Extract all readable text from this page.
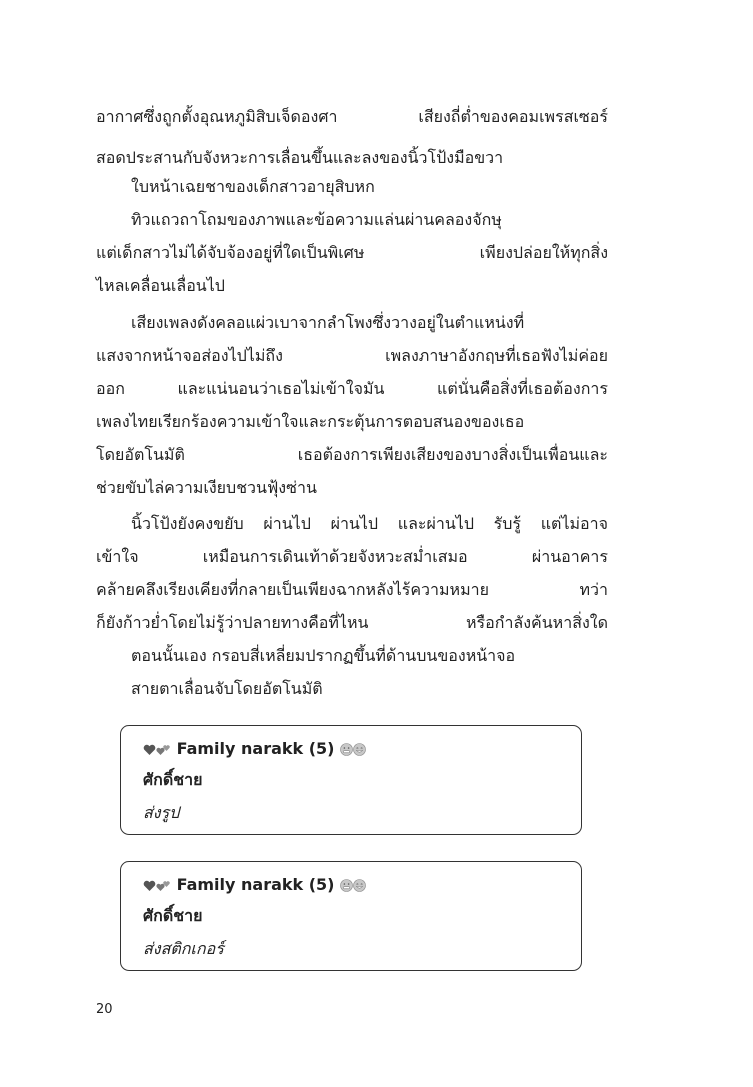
อากาศซึ่งถูกตั้งอุณหภูมิสิบเจ็ดองศา เสียงถี่ต่ำของคอมเพรสเซอร์
สอดประสานกับจังหวะการเลื่อนขึ้นและลงของนิ้วโป้งมือขวา
ใบหน้าเฉยชาของเด็กสาวอายุสิบหก
ทิวแถวถาโถมของภาพและข้อความแล่นผ่านคลองจักษุ
แต่เด็กสาวไม่ได้จับจ้องอยู่ที่ใดเป็นพิเศษ เพียงปล่อยให้ทุกสิ่ง
ไหลเคลื่อนเลื่อนไป
เสียงเพลงดังคลอแผ่วเบาจากลำโพงซึ่งวางอยู่ในตำแหน่งที่
แสงจากหน้าจอส่องไปไม่ถึง เพลงภาษาอังกฤษที่เธอฟังไม่ค่อย
ออก และแน่นอนว่าเธอไม่เข้าใจมัน แต่นั่นคือสิ่งที่เธอต้องการ
เพลงไทยเรียกร้องความเข้าใจและกระตุ้นการตอบสนองของเธอ
โดยอัตโนมัติ เธอต้องการเพียงเสียงของบางสิ่งเป็นเพื่อนและ
ช่วยขับไล่ความเงียบชวนฟุ้งซ่าน
นิ้วโป้งยังคงขยับ ผ่านไป ผ่านไป และผ่านไป รับรู้ แต่ไม่อาจ
เข้าใจ เหมือนการเดินเท้าด้วยจังหวะสม่ำเสมอ ผ่านอาคาร
คล้ายคลึงเรียงเคียงที่กลายเป็นเพียงฉากหลังไร้ความหมาย ทว่า
ก็ยังก้าวย่ำโดยไม่รู้ว่าปลายทางคือที่ไหน หรือกำลังค้นหาสิ่งใด
ตอนนั้นเอง กรอบสี่เหลี่ยมปรากฏขึ้นที่ด้านบนของหน้าจอ
สายตาเลื่อนจับโดยอัตโนมัติ
Family narakk (5)
ศักดิ์ชาย
ส่งรูป
Family narakk (5)
ศักดิ์ชาย
ส่งสติกเกอร์
20
